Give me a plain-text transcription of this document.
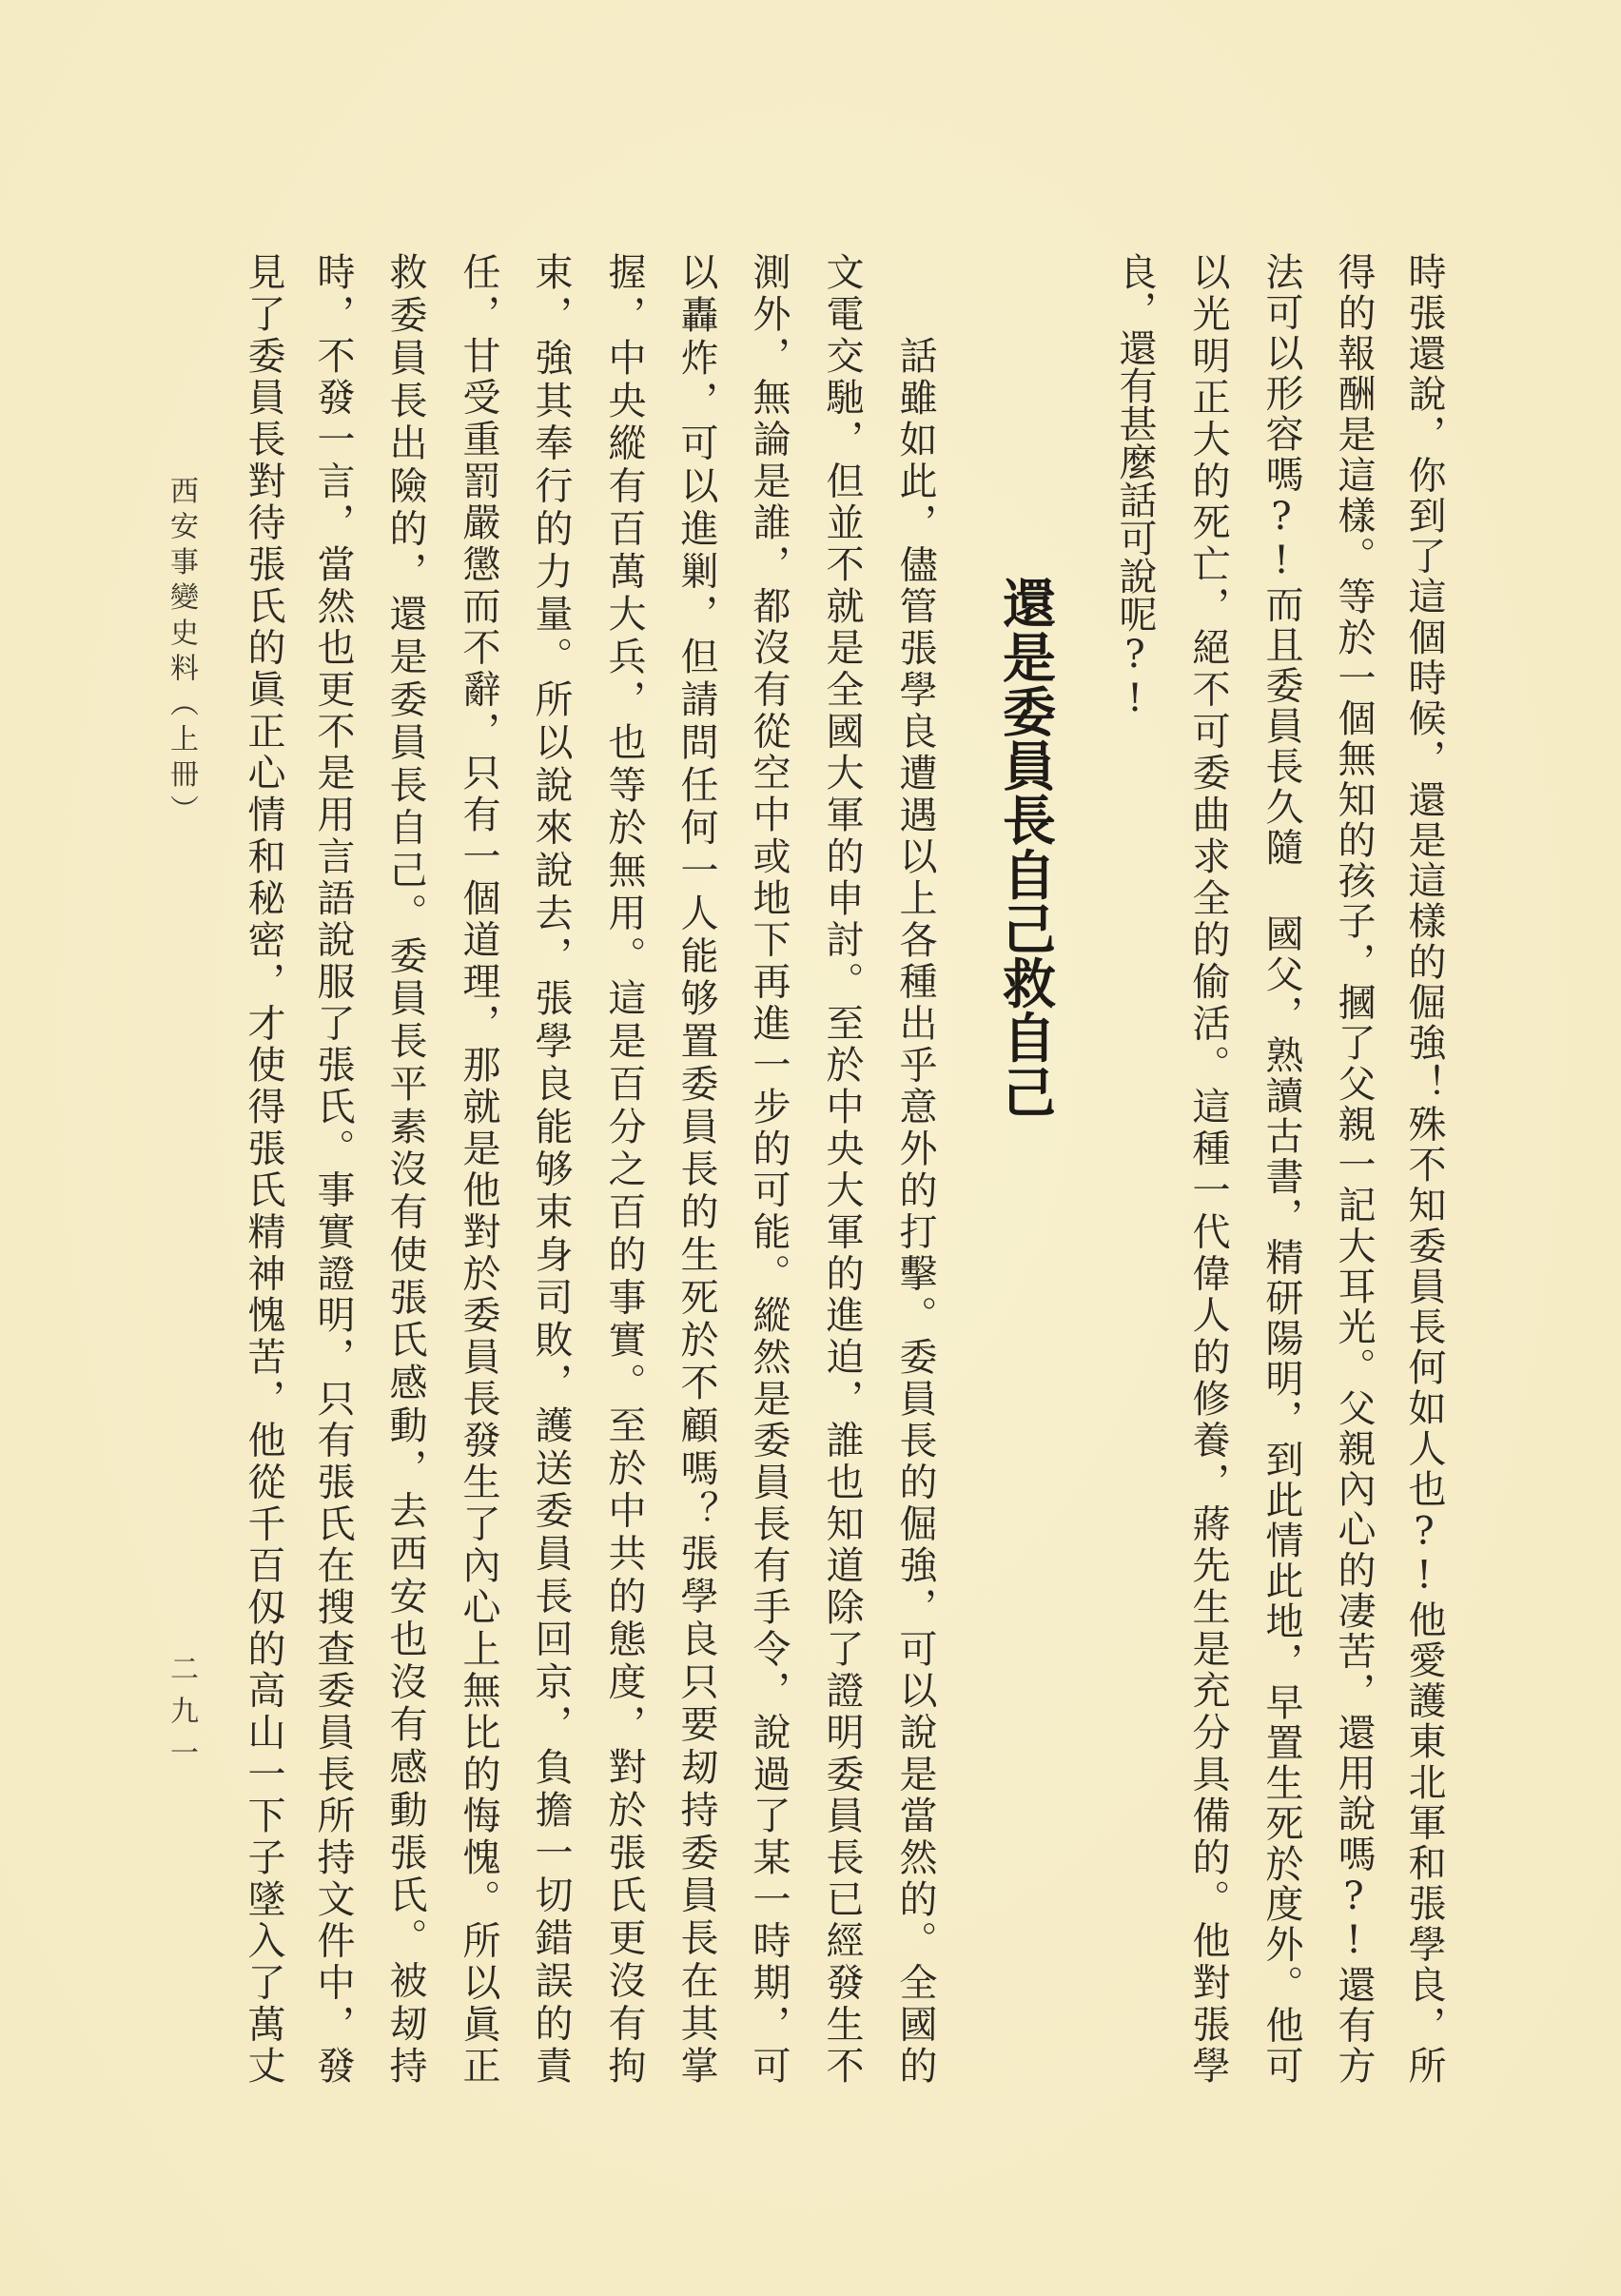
時張還說，你到了這個時候，還是這樣的倔強！殊不知委員長何如人也?!他愛護東北軍和張學良，所
得的報酬是這樣。等於一個無知的孩子，摑了父親一記大耳光。父親內心的凄苦，還用說嗎?!還有方
法可以形容嗎?!而且委員長久隨 國父，熟讀古書，精研陽明，到此情此地，早置生死於度外。他可
以光明正大的死亡，絕不可委曲求全的偷活。這種一代偉人的修養，蔣先生是充分具備的。他對張學
良，還有甚麼話可說呢?!
還是委員長自己救自己
話雖如此，儘管張學良遭遇以上各種出乎意外的打擊。委員長的倔強，可以說是當然的。全國的
文電交馳，但並不就是全國大軍的申討。至於中央大軍的進迫，誰也知道除了證明委員長已經發生不
測外，無論是誰，都沒有從空中或地下再進一步的可能。縱然是委員長有手令，說過了某一時期，可
以轟炸，可以進剿，但請問任何一人能够置委員長的生死於不顧嗎？張學良只要刼持委員長在其掌
握，中央縱有百萬大兵，也等於無用。這是百分之百的事實。至於中共的態度，對於張氏更沒有拘
束，強其奉行的力量。所以說來說去，張學良能够束身司敗，護送委員長回京，負擔一切錯誤的責
任，甘受重罰嚴懲而不辭，只有一個道理，那就是他對於委員長發生了內心上無比的悔愧。所以眞正
救委員長出險的，還是委員長自己。委員長平素沒有使張氏感動，去西安也沒有感動張氏。被刼持
時，不發一言，當然也更不是用言語說服了張氏。事實證明，只有張氏在搜查委員長所持文件中，發
見了委員長對待張氏的眞正心情和秘密，才使得張氏精神愧苦，他從千百仭的高山一下子墜入了萬丈
西安事變史料（上冊）
二九一
